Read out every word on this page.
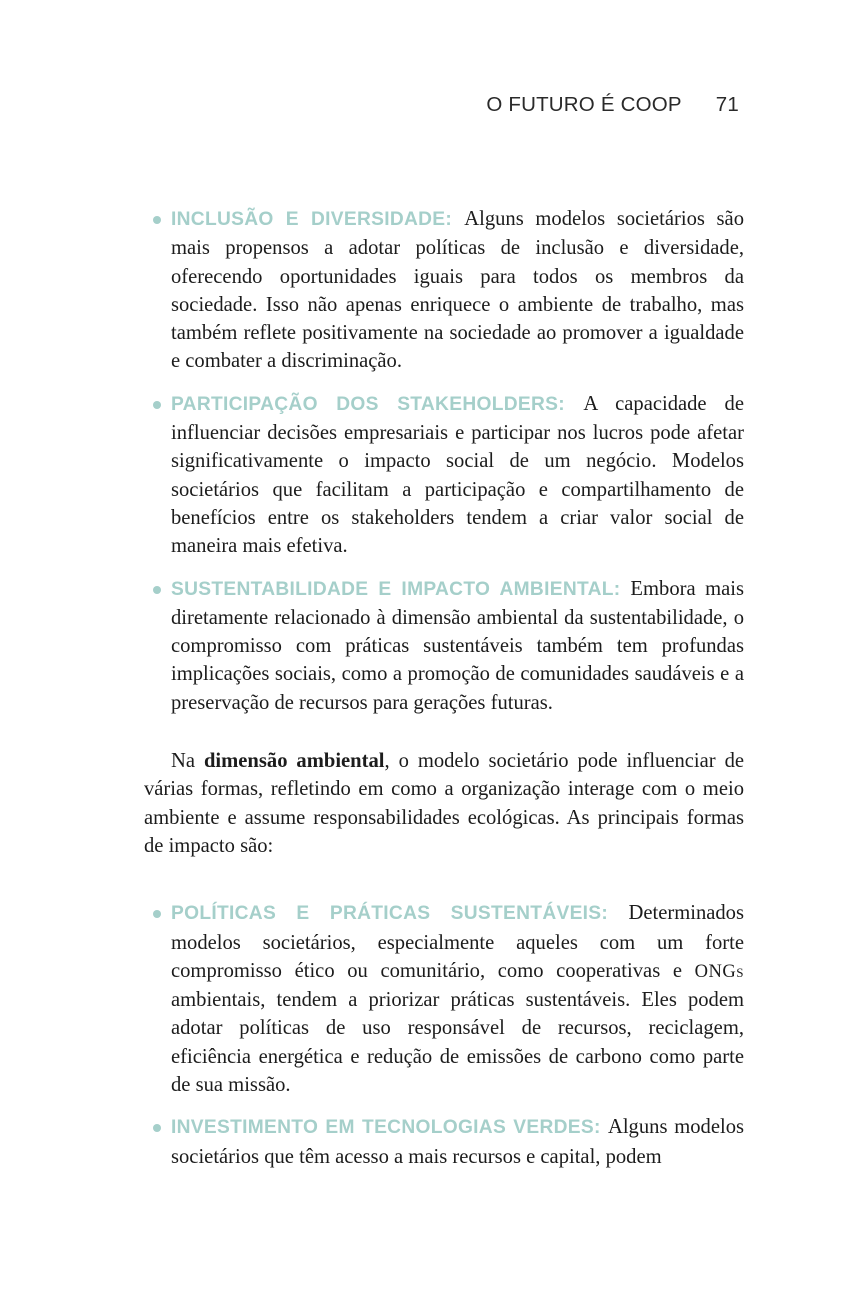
O FUTURO É COOP 71
INCLUSÃO E DIVERSIDADE: Alguns modelos societários são mais propensos a adotar políticas de inclusão e diversidade, oferecendo oportunidades iguais para todos os membros da sociedade. Isso não apenas enriquece o ambiente de trabalho, mas também reflete positivamente na sociedade ao promover a igualdade e combater a discriminação.
PARTICIPAÇÃO DOS STAKEHOLDERS: A capacidade de influenciar decisões empresariais e participar nos lucros pode afetar significativamente o impacto social de um negócio. Modelos societários que facilitam a participação e compartilhamento de benefícios entre os stakeholders tendem a criar valor social de maneira mais efetiva.
SUSTENTABILIDADE E IMPACTO AMBIENTAL: Embora mais diretamente relacionado à dimensão ambiental da sustentabilidade, o compromisso com práticas sustentáveis também tem profundas implicações sociais, como a promoção de comunidades saudáveis e a preservação de recursos para gerações futuras.

Na dimensão ambiental, o modelo societário pode influenciar de várias formas, refletindo em como a organização interage com o meio ambiente e assume responsabilidades ecológicas. As principais formas de impacto são:

POLÍTICAS E PRÁTICAS SUSTENTÁVEIS: Determinados modelos societários, especialmente aqueles com um forte compromisso ético ou comunitário, como cooperativas e ONGs ambientais, tendem a priorizar práticas sustentáveis. Eles podem adotar políticas de uso responsável de recursos, reciclagem, eficiência energética e redução de emissões de carbono como parte de sua missão.
INVESTIMENTO EM TECNOLOGIAS VERDES: Alguns modelos societários que têm acesso a mais recursos e capital, podem
